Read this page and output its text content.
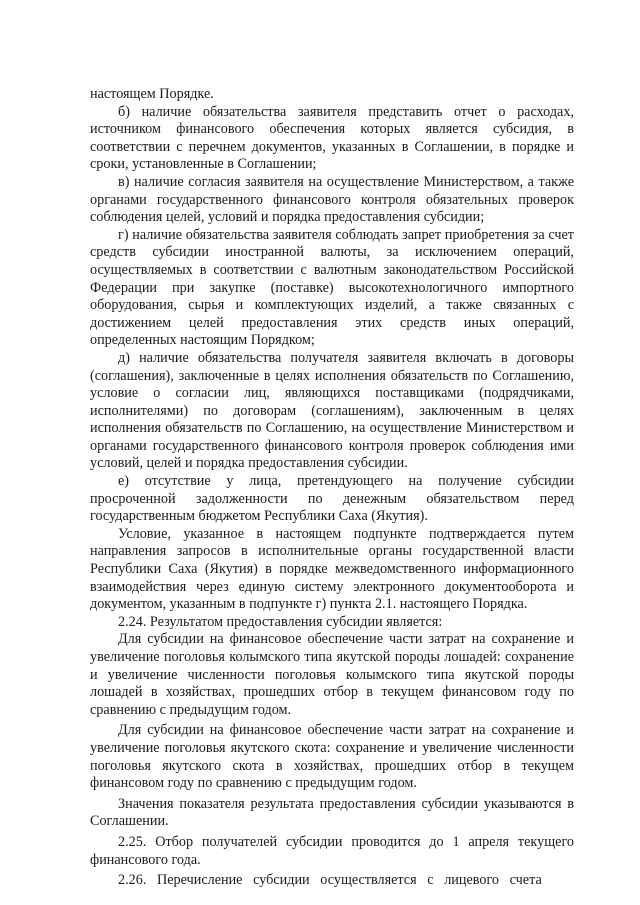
настоящем Порядке.

б) наличие обязательства заявителя представить отчет о расходах, источником финансового обеспечения которых является субсидия, в соответствии с перечнем документов, указанных в Соглашении, в порядке и сроки, установленные в Соглашении;

в) наличие согласия заявителя на осуществление Министерством, а также органами государственного финансового контроля обязательных проверок соблюдения целей, условий и порядка предоставления субсидии;

г) наличие обязательства заявителя соблюдать запрет приобретения за счет средств субсидии иностранной валюты, за исключением операций, осуществляемых в соответствии с валютным законодательством Российской Федерации при закупке (поставке) высокотехнологичного импортного оборудования, сырья и комплектующих изделий, а также связанных с достижением целей предоставления этих средств иных операций, определенных настоящим Порядком;

д) наличие обязательства получателя заявителя включать в договоры (соглашения), заключенные в целях исполнения обязательств по Соглашению, условие о согласии лиц, являющихся поставщиками (подрядчиками, исполнителями) по договорам (соглашениям), заключенным в целях исполнения обязательств по Соглашению, на осуществление Министерством и органами государственного финансового контроля проверок соблюдения ими условий, целей и порядка предоставления субсидии.

е) отсутствие у лица, претендующего на получение субсидии просроченной задолженности по денежным обязательством перед государственным бюджетом Республики Саха (Якутия).

Условие, указанное в настоящем подпункте подтверждается путем направления запросов в исполнительные органы государственной власти Республики Саха (Якутия) в порядке межведомственного информационного взаимодействия через единую систему электронного документооборота и документом, указанным в подпункте г) пункта 2.1. настоящего Порядка.

2.24. Результатом предоставления субсидии является:

Для субсидии на финансовое обеспечение части затрат на сохранение и увеличение поголовья колымского типа якутской породы лошадей: сохранение и увеличение численности поголовья колымского типа якутской породы лошадей в хозяйствах, прошедших отбор в текущем финансовом году по сравнению с предыдущим годом.

Для субсидии на финансовое обеспечение части затрат на сохранение и увеличение поголовья якутского скота: сохранение и увеличение численности поголовья якутского скота в хозяйствах, прошедших отбор в текущем финансовом году по сравнению с предыдущим годом.

Значения показателя результата предоставления субсидии указываются в Соглашении.

2.25. Отбор получателей субсидии проводится до 1 апреля текущего финансового года.

2.26.   Перечисление   субсидии   осуществляется   с   лицевого   счета
